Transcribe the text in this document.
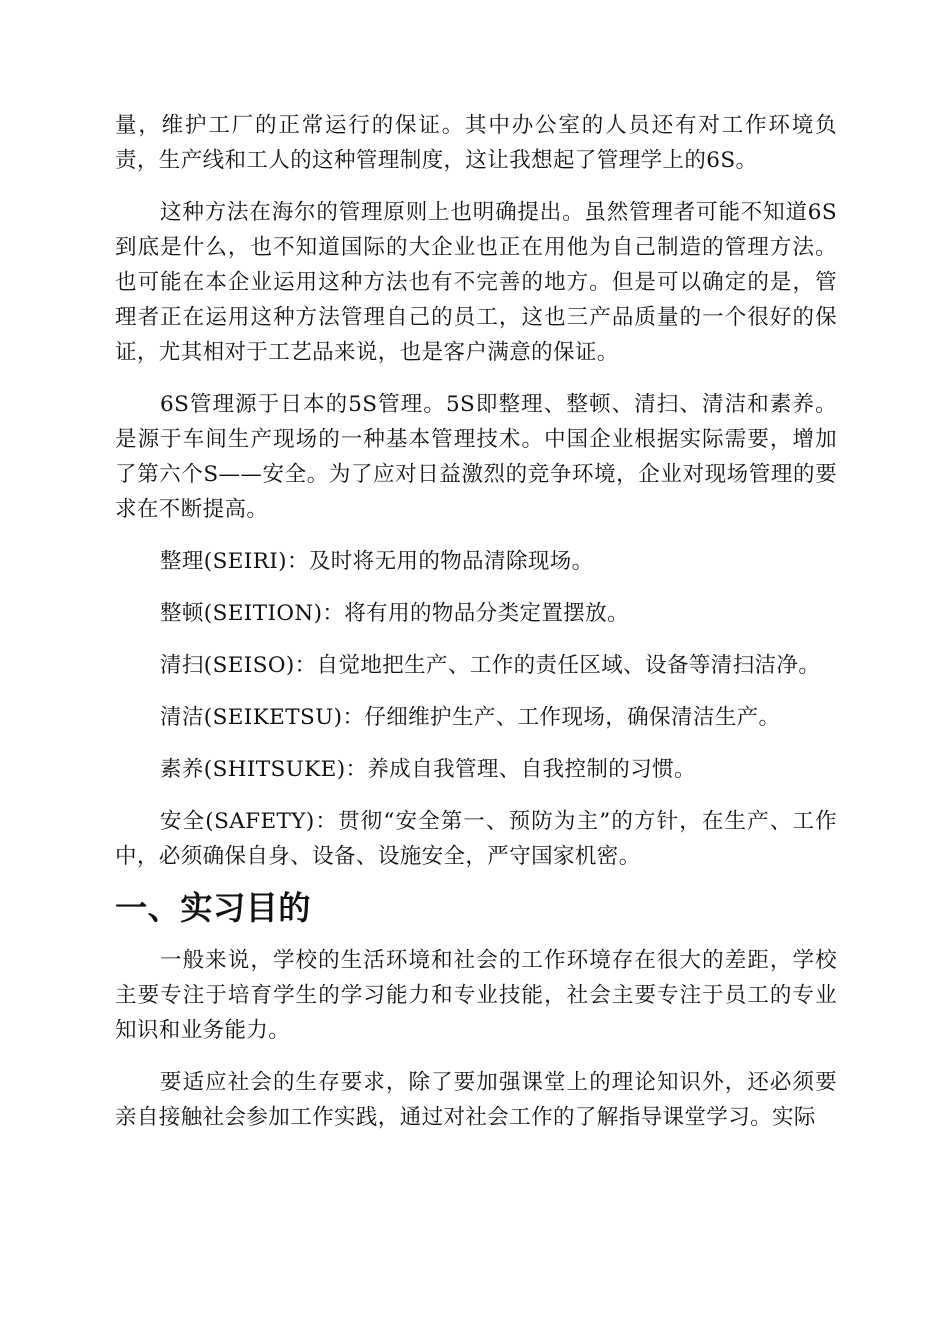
量，维护工厂的正常运行的保证。其中办公室的人员还有对工作环境负责，生产线和工人的这种管理制度，这让我想起了管理学上的6S。

这种方法在海尔的管理原则上也明确提出。虽然管理者可能不知道6S到底是什么，也不知道国际的大企业也正在用他为自己制造的管理方法。也可能在本企业运用这种方法也有不完善的地方。但是可以确定的是，管理者正在运用这种方法管理自己的员工，这也三产品质量的一个很好的保证，尤其相对于工艺品来说，也是客户满意的保证。

6S管理源于日本的5S管理。5S即整理、整顿、清扫、清洁和素养。是源于车间生产现场的一种基本管理技术。中国企业根据实际需要，增加了第六个S——安全。为了应对日益激烈的竞争环境，企业对现场管理的要求在不断提高。

整理(SEIRI)：及时将无用的物品清除现场。

整顿(SEITION)：将有用的物品分类定置摆放。

清扫(SEISO)：自觉地把生产、工作的责任区域、设备等清扫洁净。

清洁(SEIKETSU)：仔细维护生产、工作现场，确保清洁生产。

素养(SHITSUKE)：养成自我管理、自我控制的习惯。

安全(SAFETY)：贯彻“安全第一、预防为主”的方针，在生产、工作中，必须确保自身、设备、设施安全，严守国家机密。

一、实习目的

一般来说，学校的生活环境和社会的工作环境存在很大的差距，学校主要专注于培育学生的学习能力和专业技能，社会主要专注于员工的专业知识和业务能力。

要适应社会的生存要求，除了要加强课堂上的理论知识外，还必须要亲自接触社会参加工作实践，通过对社会工作的了解指导课堂学习。实际
